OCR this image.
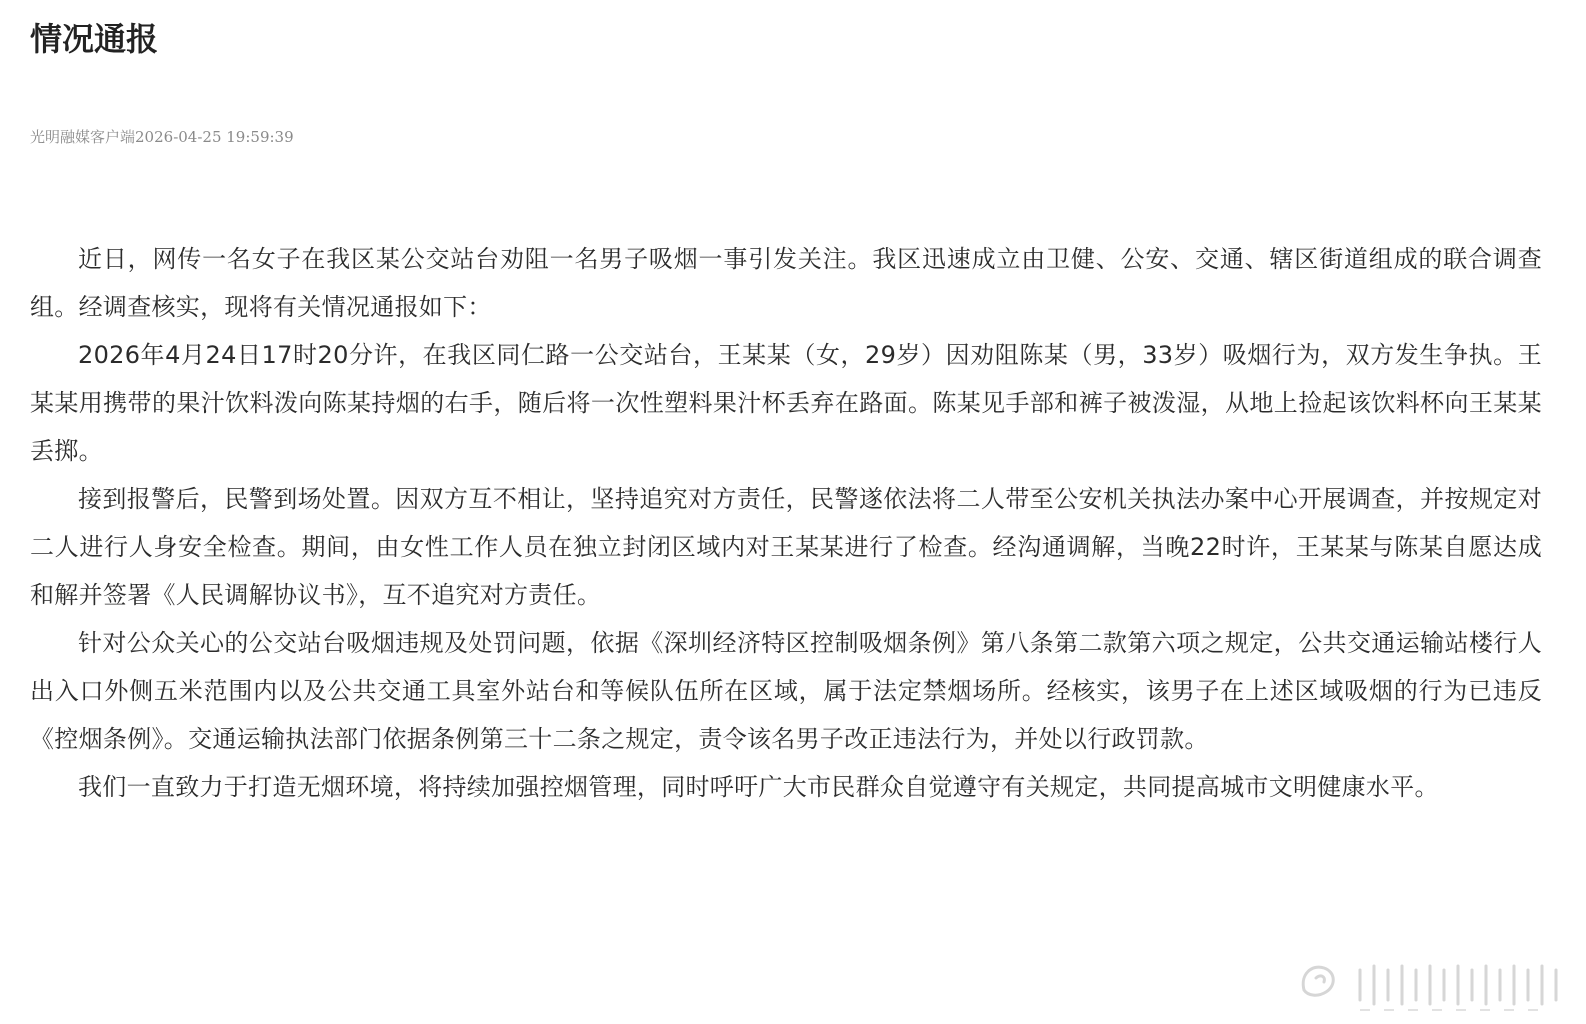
情况通报
光明融媒客户端2026-04-25 19:59:39

近日，网传一名女子在我区某公交站台劝阻一名男子吸烟一事引发关注。我区迅速成立由卫健、公安、交通、辖区街道组成的联合调查组。经调查核实，现将有关情况通报如下：

2026年4月24日17时20分许，在我区同仁路一公交站台，王某某（女，29岁）因劝阻陈某（男，33岁）吸烟行为，双方发生争执。王某某用携带的果汁饮料泼向陈某持烟的右手，随后将一次性塑料果汁杯丢弃在路面。陈某见手部和裤子被泼湿，从地上捡起该饮料杯向王某某丢掷。

接到报警后，民警到场处置。因双方互不相让，坚持追究对方责任，民警遂依法将二人带至公安机关执法办案中心开展调查，并按规定对二人进行人身安全检查。期间，由女性工作人员在独立封闭区域内对王某某进行了检查。经沟通调解，当晚22时许，王某某与陈某自愿达成和解并签署《人民调解协议书》，互不追究对方责任。

针对公众关心的公交站台吸烟违规及处罚问题，依据《深圳经济特区控制吸烟条例》第八条第二款第六项之规定，公共交通运输站楼行人出入口外侧五米范围内以及公共交通工具室外站台和等候队伍所在区域，属于法定禁烟场所。经核实，该男子在上述区域吸烟的行为已违反《控烟条例》。交通运输执法部门依据条例第三十二条之规定，责令该名男子改正违法行为，并处以行政罚款。

我们一直致力于打造无烟环境，将持续加强控烟管理，同时呼吁广大市民群众自觉遵守有关规定，共同提高城市文明健康水平。
